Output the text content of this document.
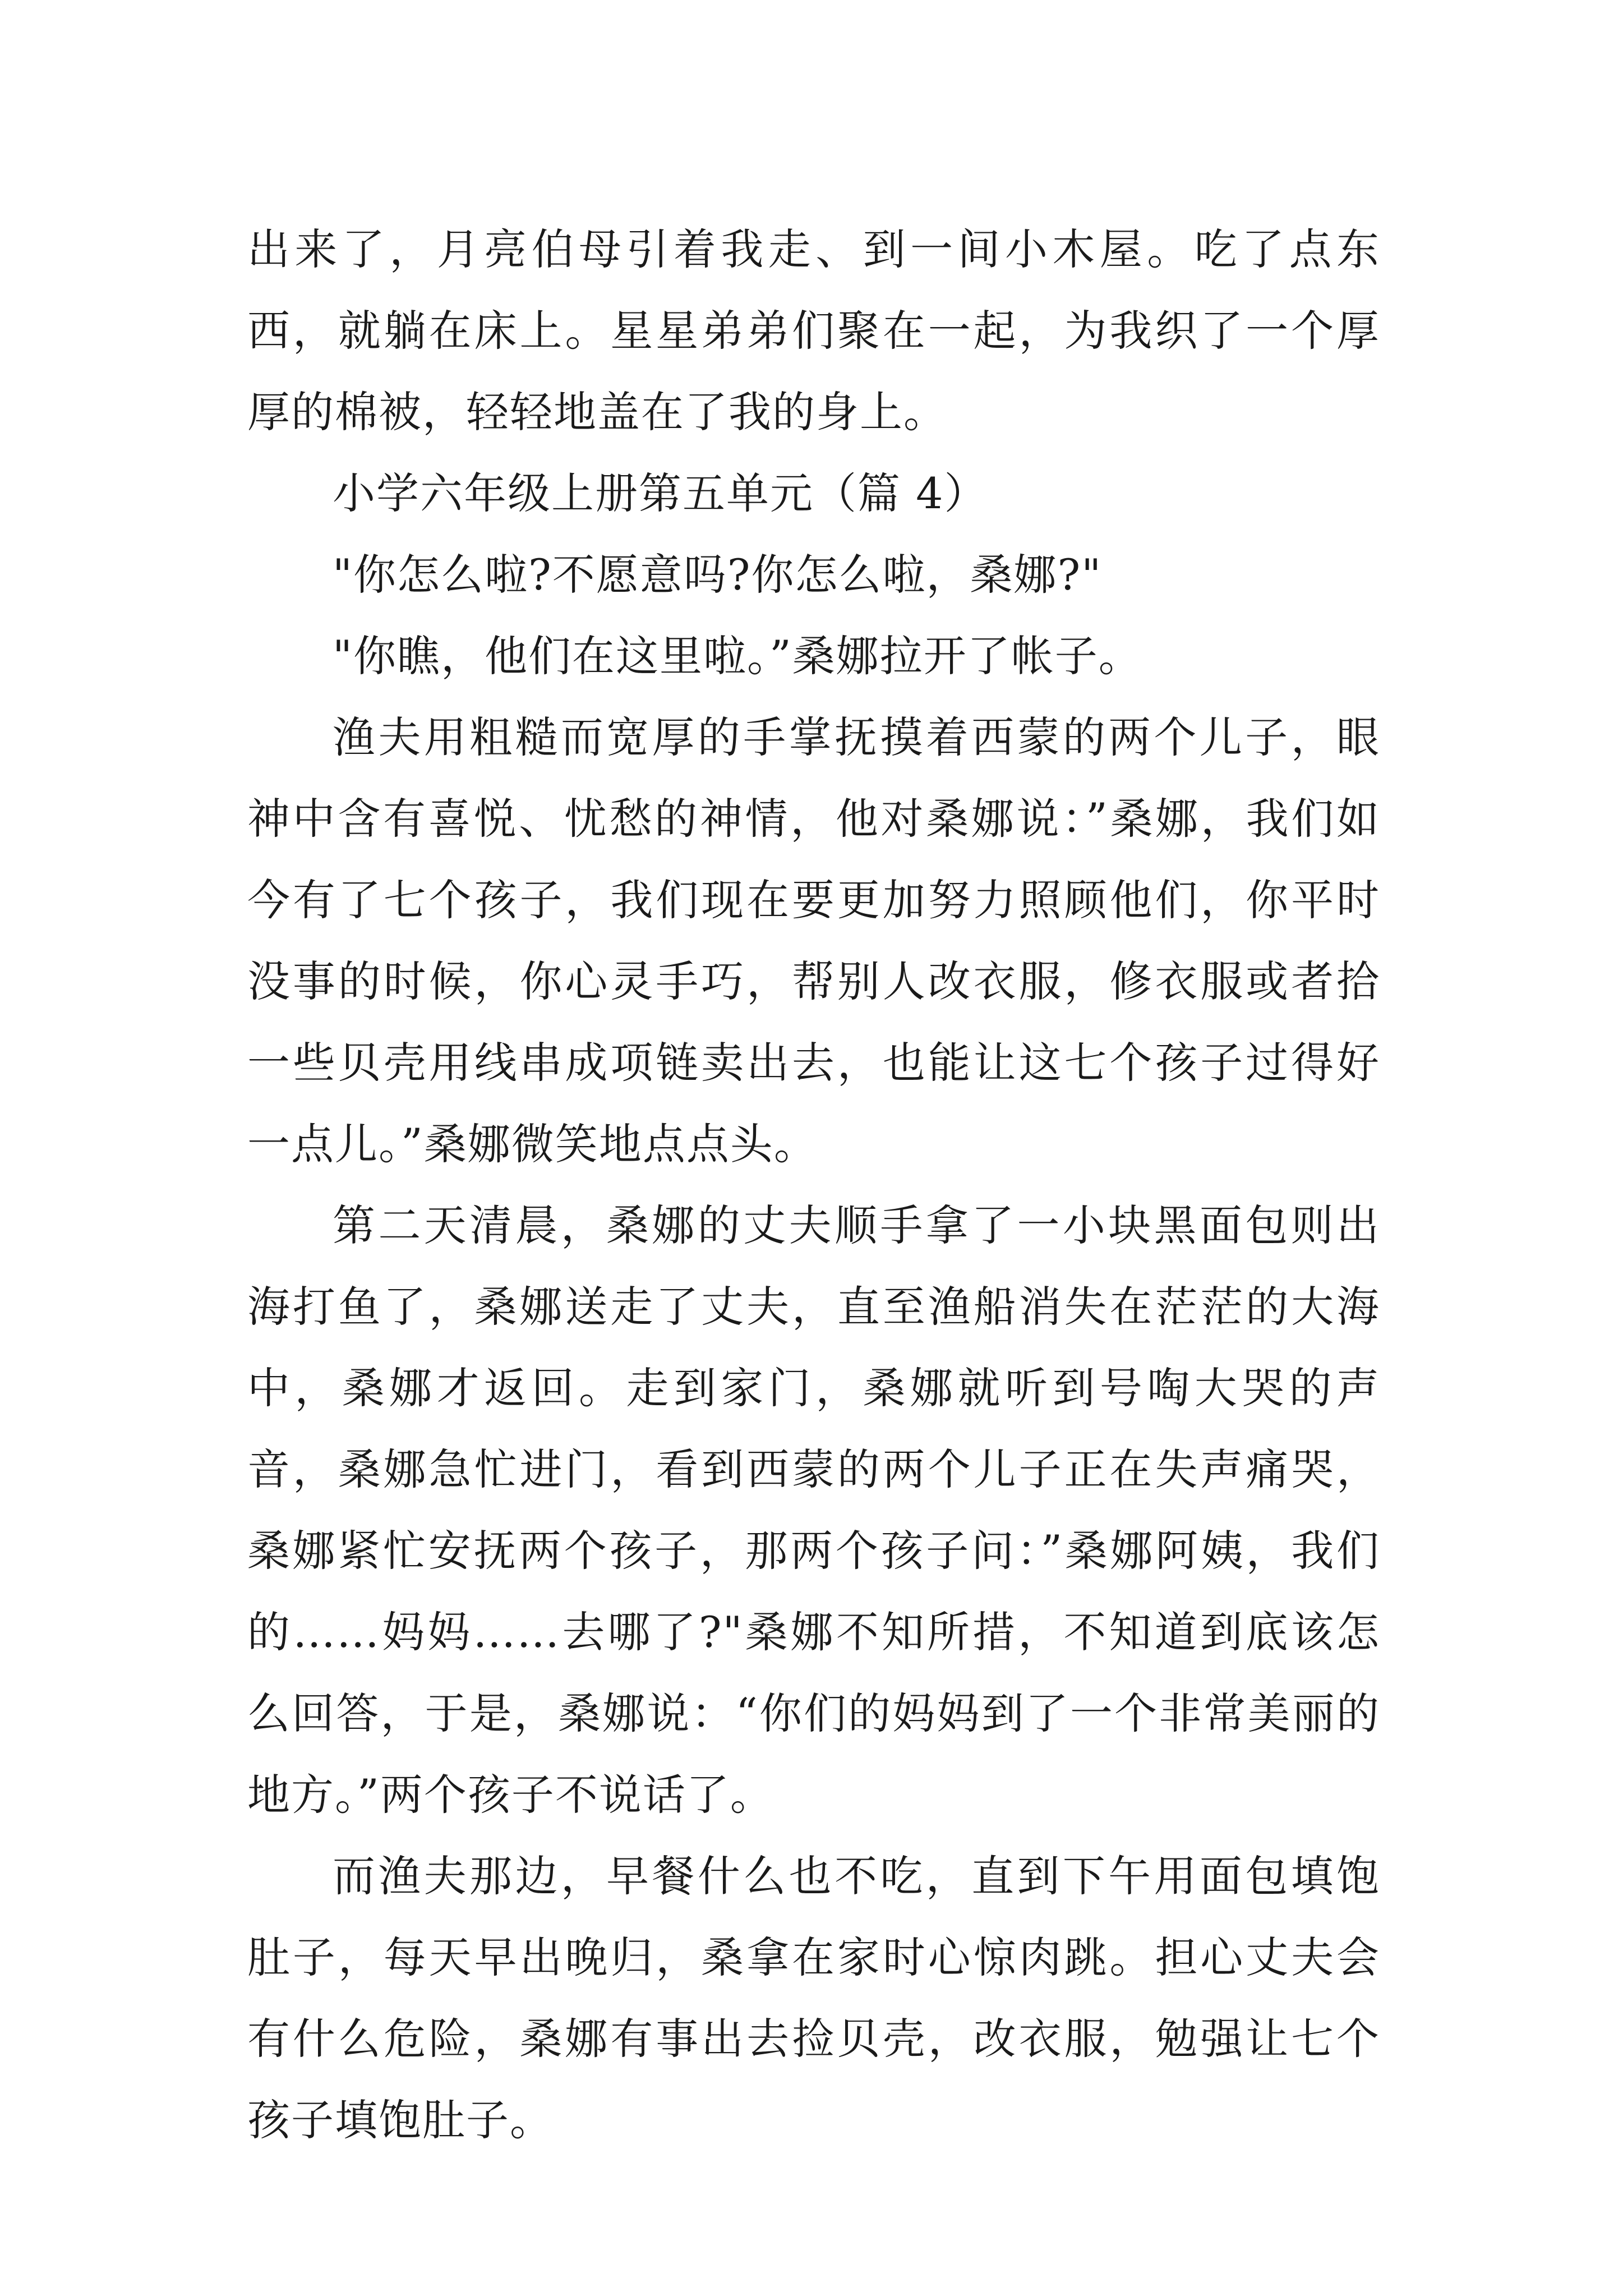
出来了，月亮伯母引着我走、到一间小木屋。吃了点东西，就躺在床上。星星弟弟们聚在一起，为我织了一个厚厚的棉被，轻轻地盖在了我的身上。

小学六年级上册第五单元（篇 4）

"你怎么啦?不愿意吗?你怎么啦，桑娜?"

"你瞧，他们在这里啦。”桑娜拉开了帐子。

渔夫用粗糙而宽厚的手掌抚摸着西蒙的两个儿子，眼神中含有喜悦、忧愁的神情，他对桑娜说：”桑娜，我们如今有了七个孩子，我们现在要更加努力照顾他们，你平时没事的时候，你心灵手巧，帮别人改衣服，修衣服或者拾一些贝壳用线串成项链卖出去，也能让这七个孩子过得好一点儿。”桑娜微笑地点点头。

第二天清晨，桑娜的丈夫顺手拿了一小块黑面包则出海打鱼了，桑娜送走了丈夫，直至渔船消失在茫茫的大海中，桑娜才返回。走到家门，桑娜就听到号啕大哭的声音，桑娜急忙进门，看到西蒙的两个儿子正在失声痛哭，桑娜紧忙安抚两个孩子，那两个孩子问：”桑娜阿姨，我们的……妈妈……去哪了?"桑娜不知所措，不知道到底该怎么回答，于是，桑娜说：“你们的妈妈到了一个非常美丽的地方。”两个孩子不说话了。

而渔夫那边，早餐什么也不吃，直到下午用面包填饱肚子，每天早出晚归，桑拿在家时心惊肉跳。担心丈夫会有什么危险，桑娜有事出去捡贝壳，改衣服，勉强让七个孩子填饱肚子。
